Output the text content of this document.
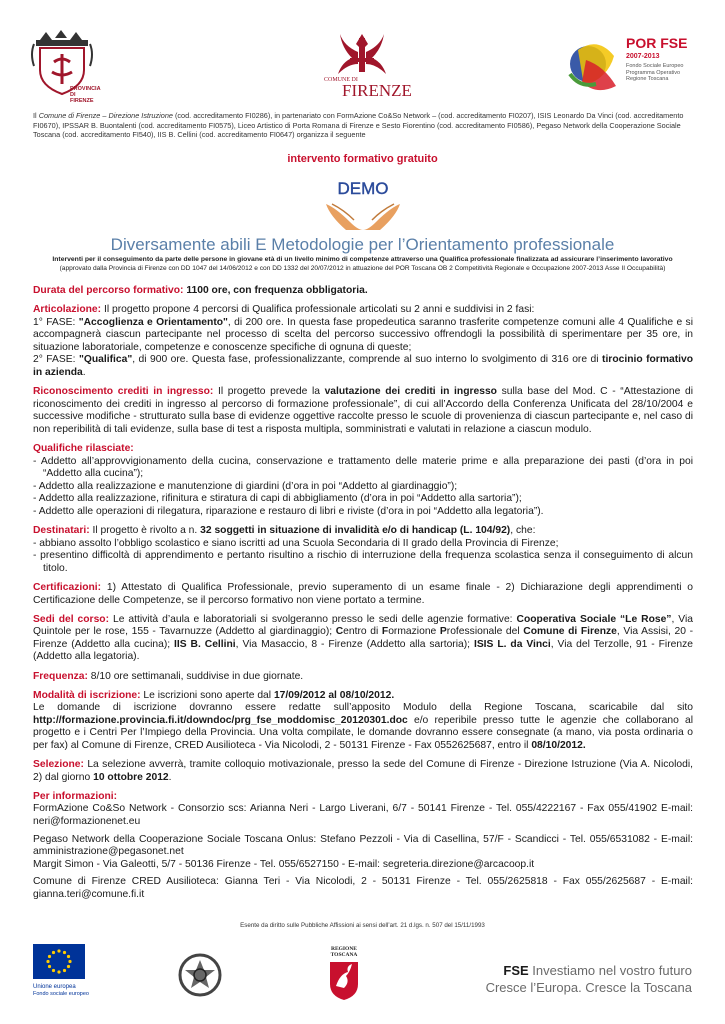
PROVINCIA DI FIRENZE
COMUNE DI
FIRENZE
POR FSE
2007-2013
Fondo Sociale Europeo Programma Operativo Regione Toscana
Il Comune di Firenze – Direzione Istruzione (cod. accreditamento FI0286), in partenariato con FormAzione Co&So Network – (cod. accreditamento FI0207), ISIS Leonardo Da Vinci (cod. accreditamento FI0670), IPSSAR B. Buontalenti (cod. accreditamento FI0575), Liceo Artistico di Porta Romana di Firenze e Sesto Fiorentino (cod. accreditamento FI0586), Pegaso Network della Cooperazione Sociale Toscana (cod. accreditamento FI540), IIS B. Cellini (cod. accreditamento FI0647) organizza il seguente
intervento formativo gratuito
DEMO
Diversamente abili E Metodologie per l’Orientamento professionale
Interventi per il conseguimento da parte delle persone in giovane età di un livello minimo di competenze attraverso una Qualifica professionale finalizzata ad assicurare l’inserimento lavorativo
(approvato dalla Provincia di Firenze con DD 1047 del 14/06/2012 e con DD 1332 del 20/07/2012 in attuazione del POR Toscana OB 2 Competitività Regionale e Occupazione 2007-2013 Asse II Occupabilità)

Durata del percorso formativo: 1100 ore, con frequenza obbligatoria.

Articolazione: Il progetto propone 4 percorsi di Qualifica professionale articolati su 2 anni e suddivisi in 2 fasi:
1° FASE: "Accoglienza e Orientamento", di 200 ore. In questa fase propedeutica saranno trasferite competenze comuni alle 4 Qualifiche e si accompagnerà ciascun partecipante nel processo di scelta del percorso successivo offrendogli la possibilità di sperimentare per 35 ore, in situazione laboratoriale, competenze e conoscenze specifiche di ognuna di queste;
2° FASE: "Qualifica", di 900 ore. Questa fase, professionalizzante, comprende al suo interno lo svolgimento di 316 ore di tirocinio formativo in azienda.

Riconoscimento crediti in ingresso: Il progetto prevede la valutazione dei crediti in ingresso sulla base del Mod. C - “Attestazione di riconoscimento dei crediti in ingresso al percorso di formazione professionale”, di cui all’Accordo della Conferenza Unificata del 28/10/2004 e successive modifiche - strutturato sulla base di evidenze oggettive raccolte presso le scuole di provenienza di ciascun partecipante e, nel caso di non reperibilità di tali evidenze, sulla base di test a risposta multipla, somministrati e valutati in relazione a ciascun modulo.

Qualifiche rilasciate:
- Addetto all’approvvigionamento della cucina, conservazione e trattamento delle materie prime e alla preparazione dei pasti (d’ora in poi “Addetto alla cucina”);
- Addetto alla realizzazione e manutenzione di giardini (d’ora in poi “Addetto al giardinaggio”);
- Addetto alla realizzazione, rifinitura e stiratura di capi di abbigliamento (d’ora in poi “Addetto alla sartoria”);
- Addetto alle operazioni di rilegatura, riparazione e restauro di libri e riviste (d’ora in poi “Addetto alla legatoria”).
Destinatari: Il progetto è rivolto a n. 32 soggetti in situazione di invalidità e/o di handicap (L. 104/92), che:
- abbiano assolto l’obbligo scolastico e siano iscritti ad una Scuola Secondaria di II grado della Provincia di Firenze;
- presentino difficoltà di apprendimento e pertanto risultino a rischio di interruzione della frequenza scolastica senza il conseguimento di alcun titolo.

Certificazioni: 1) Attestato di Qualifica Professionale, previo superamento di un esame finale - 2) Dichiarazione degli apprendimenti o Certificazione delle Competenze, se il percorso formativo non viene portato a termine.

Sedi del corso: Le attività d’aula e laboratoriali si svolgeranno presso le sedi delle agenzie formative: Cooperativa Sociale “Le Rose”, Via Quintole per le rose, 155 - Tavarnuzze (Addetto al giardinaggio); Centro di Formazione Professionale del Comune di Firenze, Via Assisi, 20 - Firenze (Addetto alla cucina); IIS B. Cellini, Via Masaccio, 8 - Firenze (Addetto alla sartoria); ISIS L. da Vinci, Via del Terzolle, 91 - Firenze (Addetto alla legatoria).

Frequenza: 8/10 ore settimanali, suddivise in due giornate.

Modalità di iscrizione: Le iscrizioni sono aperte dal 17/09/2012 al 08/10/2012.
Le domande di iscrizione dovranno essere redatte sull’apposito Modulo della Regione Toscana, scaricabile dal sito http://formazione.provincia.fi.it/downdoc/prg_fse_moddomisc_20120301.doc e/o reperibile presso tutte le agenzie che collaborano al progetto e i Centri Per l’Impiego della Provincia. Una volta compilate, le domande dovranno essere consegnate (a mano, via posta ordinaria o per fax) al Comune di Firenze, CRED Ausilioteca - Via Nicolodi, 2 - 50131 Firenze - Fax 0552625687, entro il 08/10/2012.

Selezione: La selezione avverrà, tramite colloquio motivazionale, presso la sede del Comune di Firenze - Direzione Istruzione (Via A. Nicolodi, 2) dal giorno 10 ottobre 2012.

Per informazioni:
FormAzione Co&So Network - Consorzio scs: Arianna Neri - Largo Liverani, 6/7 - 50141 Firenze - Tel. 055/4222167 - Fax 055/41902 E-mail: neri@formazionenet.eu
Pegaso Network della Cooperazione Sociale Toscana Onlus: Stefano Pezzoli - Via di Casellina, 57/F - Scandicci - Tel. 055/6531082 - E-mail: amministrazione@pegasonet.net
Margit Simon - Via Galeotti, 5/7 - 50136 Firenze - Tel. 055/6527150 - E-mail: segreteria.direzione@arcacoop.it
Comune di Firenze CRED Ausilioteca: Gianna Teri - Via Nicolodi, 2 - 50131 Firenze - Tel. 055/2625818 - Fax 055/2625687 - E-mail: gianna.teri@comune.fi.it
Esente da diritto sulle Pubbliche Affissioni ai sensi dell’art. 21 d.lgs. n. 507 del 15/11/1993
Unione europea
Fondo sociale europeo
REGIONE TOSCANA
FSE Investiamo nel vostro futuro
Cresce l’Europa. Cresce la Toscana
